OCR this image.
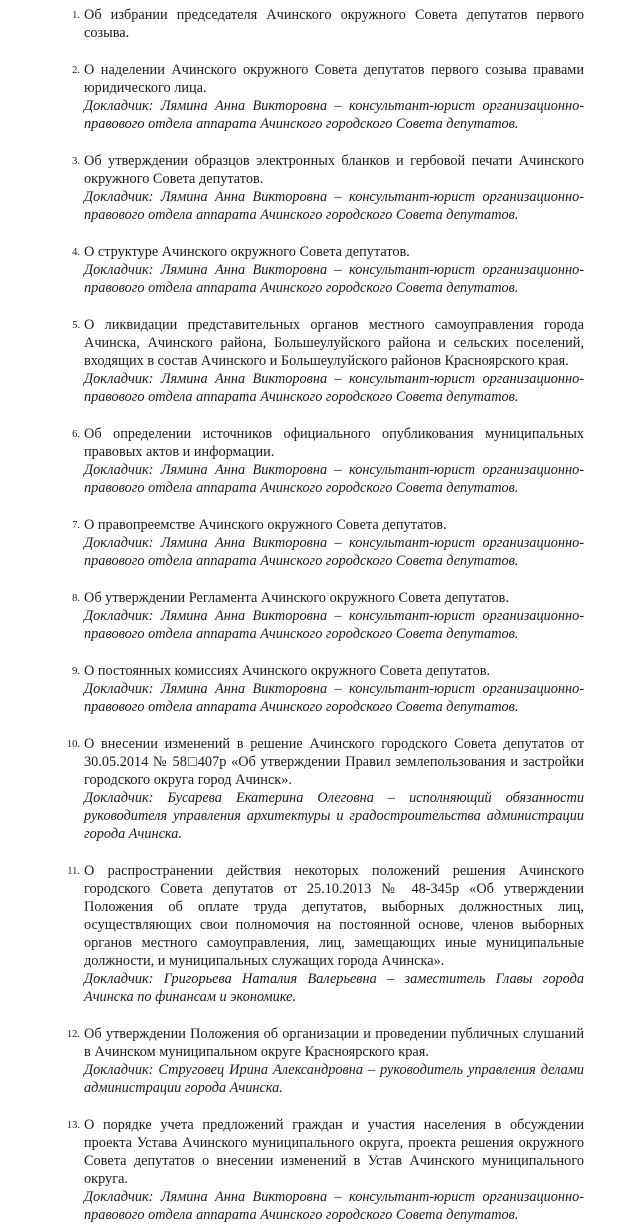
1. Об избрании председателя Ачинского окружного Совета депутатов первого созыва.
2. О наделении Ачинского окружного Совета депутатов первого созыва правами юридического лица.
Докладчик: Лямина Анна Викторовна – консультант-юрист организационно-правового отдела аппарата Ачинского городского Совета депутатов.
3. Об утверждении образцов электронных бланков и гербовой печати Ачинского окружного Совета депутатов.
Докладчик: Лямина Анна Викторовна – консультант-юрист организационно-правового отдела аппарата Ачинского городского Совета депутатов.
4. О структуре Ачинского окружного Совета депутатов.
Докладчик: Лямина Анна Викторовна – консультант-юрист организационно-правового отдела аппарата Ачинского городского Совета депутатов.
5. О ликвидации представительных органов местного самоуправления города Ачинска, Ачинского района, Большеулуйского района и сельских поселений, входящих в состав Ачинского и Большеулуйского районов Красноярского края.
Докладчик: Лямина Анна Викторовна – консультант-юрист организационно-правового отдела аппарата Ачинского городского Совета депутатов.
6. Об определении источников официального опубликования муниципальных правовых актов и информации.
Докладчик: Лямина Анна Викторовна – консультант-юрист организационно-правового отдела аппарата Ачинского городского Совета депутатов.
7. О правопреемстве Ачинского окружного Совета депутатов.
Докладчик: Лямина Анна Викторовна – консультант-юрист организационно-правового отдела аппарата Ачинского городского Совета депутатов.
8. Об утверждении Регламента Ачинского окружного Совета депутатов.
Докладчик: Лямина Анна Викторовна – консультант-юрист организационно-правового отдела аппарата Ачинского городского Совета депутатов.
9. О постоянных комиссиях Ачинского окружного Совета депутатов.
Докладчик: Лямина Анна Викторовна – консультант-юрист организационно-правового отдела аппарата Ачинского городского Совета депутатов.
10. О внесении изменений в решение Ачинского городского Совета депутатов от 30.05.2014 № 58□407р «Об утверждении Правил землепользования и застройки городского округа город Ачинск».
Докладчик: Бусарева Екатерина Олеговна – исполняющий обязанности руководителя управления архитектуры и градостроительства администрации города Ачинска.
11. О распространении действия некоторых положений решения Ачинского городского Совета депутатов от 25.10.2013 № 48-345р «Об утверждении Положения об оплате труда депутатов, выборных должностных лиц, осуществляющих свои полномочия на постоянной основе, членов выборных органов местного самоуправления, лиц, замещающих иные муниципальные должности, и муниципальных служащих города Ачинска».
Докладчик: Григорьева Наталия Валерьевна – заместитель Главы города Ачинска по финансам и экономике.
12. Об утверждении Положения об организации и проведении публичных слушаний в Ачинском муниципальном округе Красноярского края.
Докладчик: Струговец Ирина Александровна – руководитель управления делами администрации города Ачинска.
13. О порядке учета предложений граждан и участия населения в обсуждении проекта Устава Ачинского муниципального округа, проекта решения окружного Совета депутатов о внесении изменений в Устав Ачинского муниципального округа.
Докладчик: Лямина Анна Викторовна – консультант-юрист организационно-правового отдела аппарата Ачинского городского Совета депутатов.
